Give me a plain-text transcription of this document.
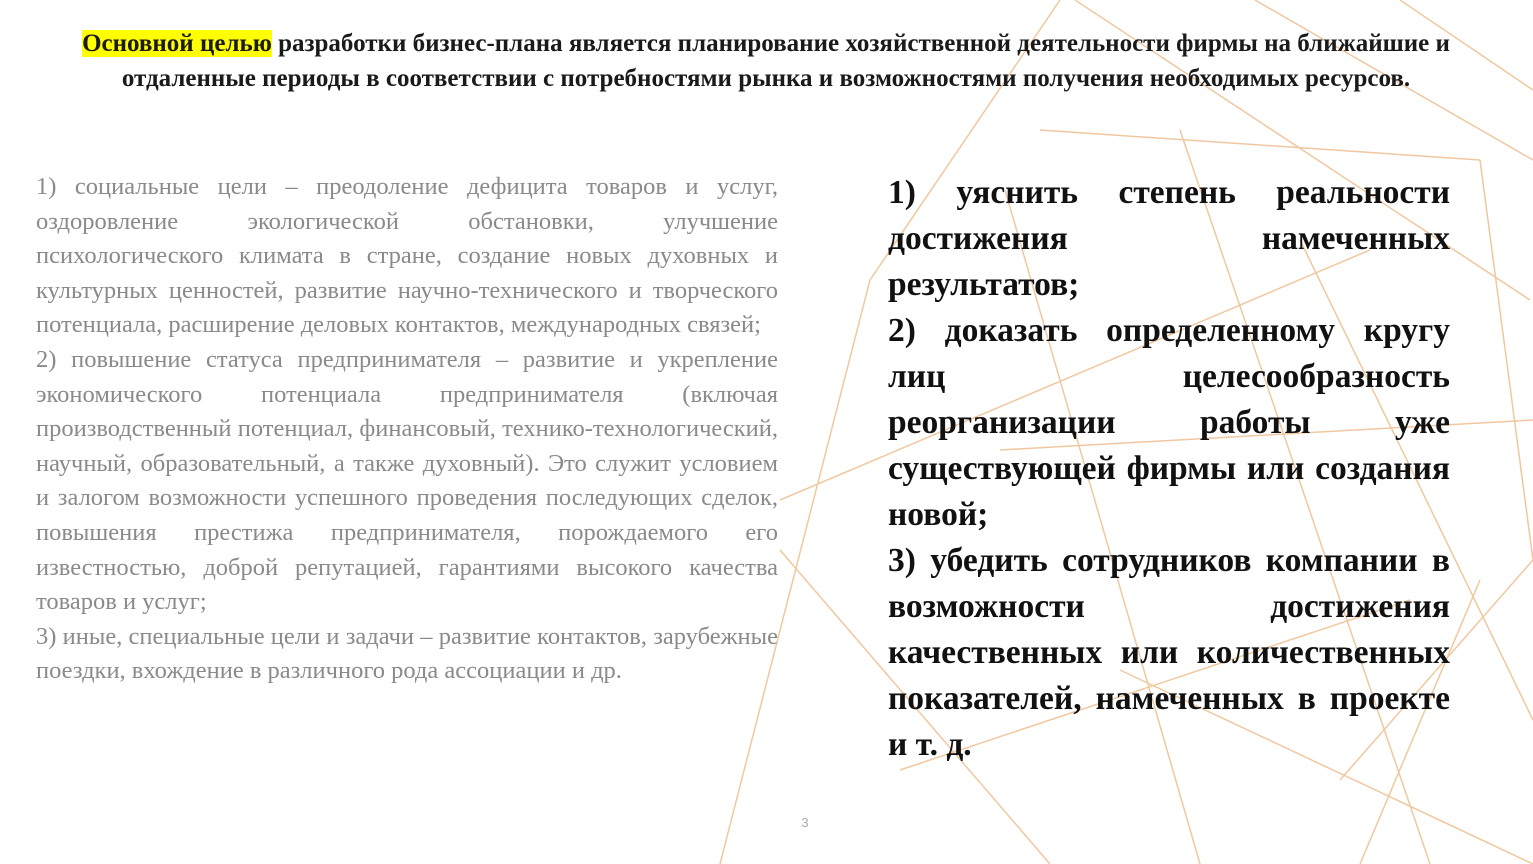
Основной целью разработки бизнес-плана является планирование хозяйственной деятельности фирмы на ближайшие и отдаленные периоды в соответствии с потребностями рынка и возможностями получения необходимых ресурсов.

1) социальные цели – преодоление дефицита товаров и услуг, оздоровление экологической обстановки, улучшение психологического климата в стране, создание новых духовных и культурных ценностей, развитие научно-технического и творческого потенциала, расширение деловых контактов, международных связей;

2) повышение статуса предпринимателя – развитие и укрепление экономического потенциала предпринимателя (включая производственный потенциал, финансовый, технико-технологический, научный, образовательный, а также духовный). Это служит условием и залогом возможности успешного проведения последующих сделок, повышения престижа предпринимателя, порождаемого его известностью, доброй репутацией, гарантиями высокого качества товаров и услуг;

3) иные, специальные цели и задачи – развитие контактов, зарубежные поездки, вхождение в различного рода ассоциации и др.

1) уяснить степень реальности достижения намеченных результатов;

2) доказать определенному кругу лиц целесообразность реорганизации работы уже существующей фирмы или создания новой;

3) убедить сотрудников компании в возможности достижения качественных или количественных показателей, намеченных в проекте и т. д.

3
